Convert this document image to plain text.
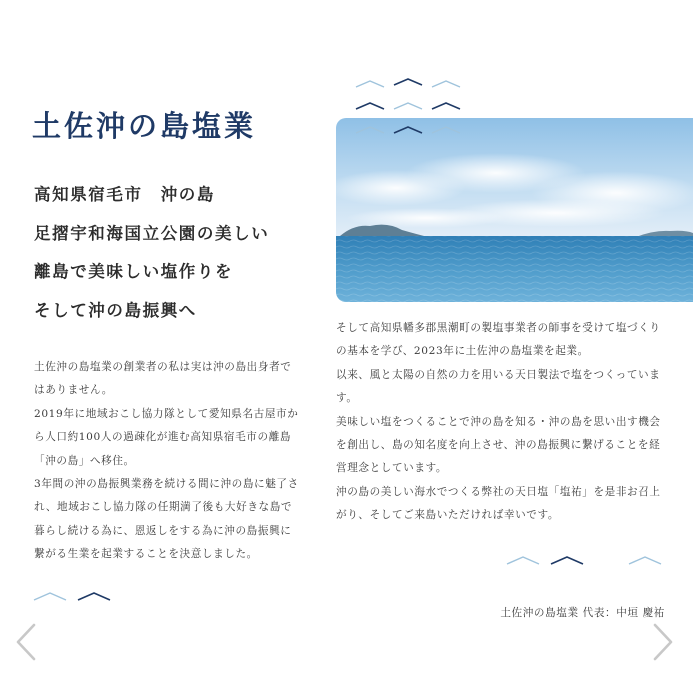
土佐沖の島塩業
高知県宿毛市　沖の島
足摺宇和海国立公園の美しい
離島で美味しい塩作りを
そして沖の島振興へ
土佐沖の島塩業の創業者の私は実は沖の島出身者ではありません。
2019年に地域おこし協力隊として愛知県名古屋市から人口約100人の過疎化が進む高知県宿毛市の離島「沖の島」へ移住。
3年間の沖の島振興業務を続ける間に沖の島に魅了され、地域おこし協力隊の任期満了後も大好きな島で暮らし続ける為に、恩返しをする為に沖の島振興に繋がる生業を起業することを決意しました。
そして高知県幡多郡黒潮町の製塩事業者の師事を受けて塩づくりの基本を学び、2023年に土佐沖の島塩業を起業。
以来、風と太陽の自然の力を用いる天日製法で塩をつくっています。
美味しい塩をつくることで沖の島を知る・沖の島を思い出す機会を創出し、島の知名度を向上させ、沖の島振興に繋げることを経営理念としています。
沖の島の美しい海水でつくる弊社の天日塩「塩祐」を是非お召上がり、そしてご来島いただければ幸いです。
土佐沖の島塩業 代表：中垣 慶祐
